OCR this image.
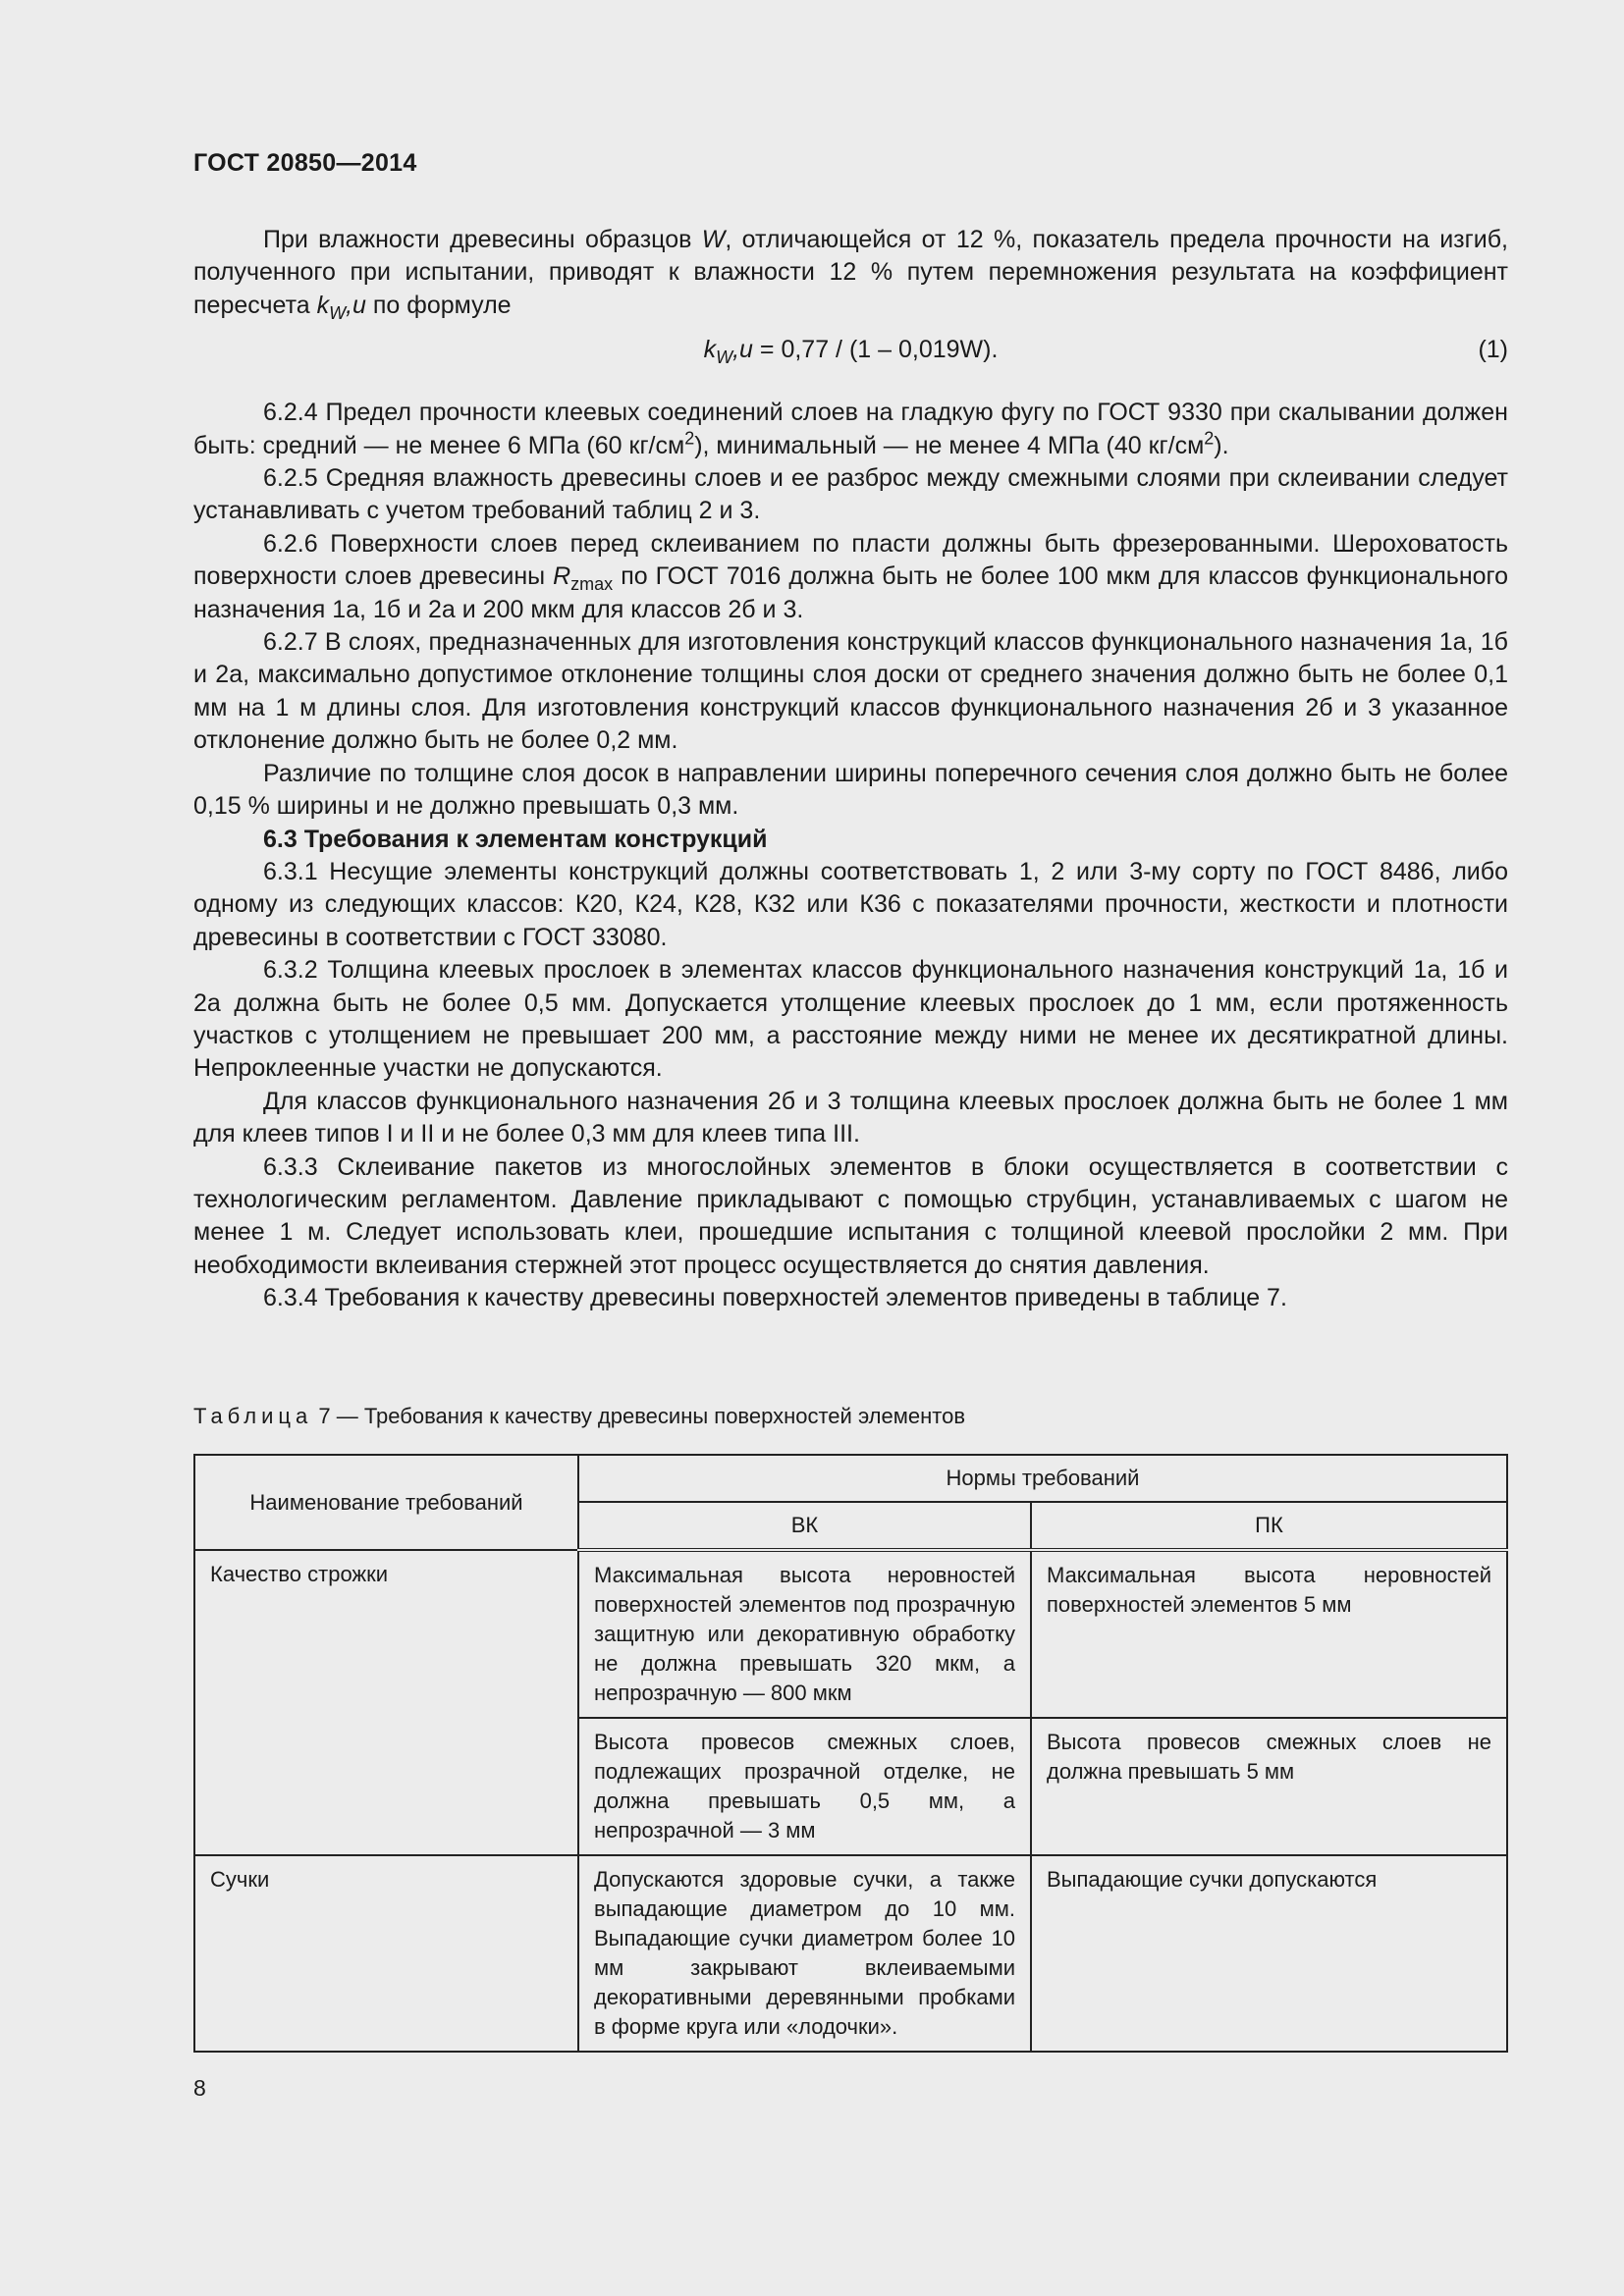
ГОСТ 20850—2014

При влажности древесины образцов W, отличающейся от 12 %, показатель предела прочности на изгиб, полученного при испытании, приводят к влажности 12 % путем перемножения результата на коэффициент пересчета $k_W,u$ по формуле

$k_W,u = 0,77 / (1 - 0,019W)$.	(1)

6.2.4 Предел прочности клеевых соединений слоев на гладкую фугу по ГОСТ 9330 при скалывании должен быть: средний — не менее 6 МПа (60 $кг/см^2$), минимальный — не менее 4 МПа (40 $кг/см^2$).

6.2.5 Средняя влажность древесины слоев и ее разброс между смежными слоями при склеивании следует устанавливать с учетом требований таблиц 2 и 3.

6.2.6 Поверхности слоев перед склеиванием по пласти должны быть фрезерованными. Шероховатость поверхности слоев древесины $R_{zmax}$ по ГОСТ 7016 должна быть не более 100 мкм для классов функционального назначения 1а, 1б и 2а и 200 мкм для классов 2б и 3.

6.2.7 В слоях, предназначенных для изготовления конструкций классов функционального назначения 1а, 1б и 2а, максимально допустимое отклонение толщины слоя доски от среднего значения должно быть не более 0,1 мм на 1 м длины слоя. Для изготовления конструкций классов функционального назначения 2б и 3 указанное отклонение должно быть не более 0,2 мм.

Различие по толщине слоя досок в направлении ширины поперечного сечения слоя должно быть не более 0,15 % ширины и не должно превышать 0,3 мм.

6.3 Требования к элементам конструкций

6.3.1 Несущие элементы конструкций должны соответствовать 1, 2 или 3-му сорту по ГОСТ 8486, либо одному из следующих классов: К20, К24, К28, К32 или К36 с показателями прочности, жесткости и плотности древесины в соответствии с ГОСТ 33080.

6.3.2 Толщина клеевых прослоек в элементах классов функционального назначения конструкций 1а, 1б и 2а должна быть не более 0,5 мм. Допускается утолщение клеевых прослоек до 1 мм, если протяженность участков с утолщением не превышает 200 мм, а расстояние между ними не менее их десятикратной длины. Непроклеенные участки не допускаются.

Для классов функционального назначения 2б и 3 толщина клеевых прослоек должна быть не более 1 мм для клеев типов I и II и не более 0,3 мм для клеев типа III.

6.3.3 Склеивание пакетов из многослойных элементов в блоки осуществляется в соответствии с технологическим регламентом. Давление прикладывают с помощью струбцин, устанавливаемых с шагом не менее 1 м. Следует использовать клеи, прошедшие испытания с толщиной клеевой прослойки 2 мм. При необходимости вклеивания стержней этот процесс осуществляется до снятия давления.

6.3.4 Требования к качеству древесины поверхностей элементов приведены в таблице 7.

Таблица 7 — Требования к качеству древесины поверхностей элементов
Наименование требований	Нормы требований	
	ВК	ПК
Качество строжки	Максимальная высота неровностей поверхностей элементов под прозрачную защитную или декоративную обработку не должна превышать 320 мкм, а непрозрачную — 800 мкм	Максимальная высота неровностей поверхностей элементов 5 мм
	Высота провесов смежных слоев, подлежащих прозрачной отделке, не должна превышать 0,5 мм, а непрозрачной — 3 мм	Высота провесов смежных слоев не должна превышать 5 мм
Сучки	Допускаются здоровые сучки, а также выпадающие диаметром до 10 мм. Выпадающие сучки диаметром более 10 мм закрывают вклеиваемыми декоративными деревянными пробками в форме круга или «лодочки».	Выпадающие сучки допускаются
8
